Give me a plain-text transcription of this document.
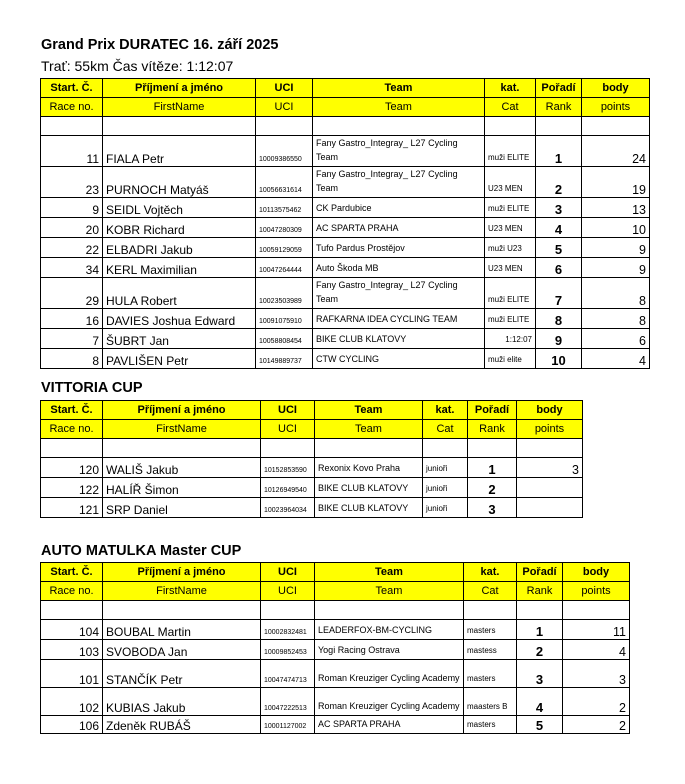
Grand Prix DURATEC 16. září 2025
Trať: 55km Čas vítěze: 1:12:07
Start. Č.	Příjmení a jméno	UCI	Team	kat.	Pořadí	body
Race no.	FirstName	UCI	Team	Cat	Rank	points

11	FIALA Petr	10009386550	Fany Gastro_Integray_ L27 Cycling Team	muži ELITE	1	24
23	PURNOCH Matyáš	10056631614	Fany Gastro_Integray_ L27 Cycling Team	U23 MEN	2	19
9	SEIDL Vojtěch	10113575462	CK Pardubice	muži ELITE	3	13
20	KOBR Richard	10047280309	AC SPARTA PRAHA	U23 MEN	4	10
22	ELBADRI Jakub	10059129059	Tufo Pardus Prostějov	muži U23	5	9
34	KERL Maximilian	10047264444	Auto Škoda MB	U23 MEN	6	9
29	HULA Robert	10023503989	Fany Gastro_Integray_ L27 Cycling Team	muži ELITE	7	8
16	DAVIES Joshua Edward	10091075910	RAFKARNA IDEA CYCLING TEAM	muži ELITE	8	8
7	ŠUBRT Jan	10058808454	BIKE CLUB KLATOVY	1:12:07	9	6
8	PAVLIŠEN Petr	10149889737	CTW CYCLING	muži elite	10	4
VITTORIA CUP
Start. Č.	Příjmení a jméno	UCI	Team	kat.	Pořadí	body
Race no.	FirstName	UCI	Team	Cat	Rank	points

120	WALIŠ Jakub	10152853590	Rexonix Kovo Praha	junioři	1	3
122	HALÍŘ Šimon	10126949540	BIKE CLUB KLATOVY	junioři	2	
121	SRP Daniel	10023964034	BIKE CLUB KLATOVY	junioři	3	
AUTO MATULKA Master CUP
Start. Č.	Příjmení a jméno	UCI	Team	kat.	Pořadí	body
Race no.	FirstName	UCI	Team	Cat	Rank	points

104	BOUBAL Martin	10002832481	LEADERFOX-BM-CYCLING	masters	1	11
103	SVOBODA Jan	10009852453	Yogi Racing Ostrava	mastess	2	4
101	STANČÍK Petr	10047474713	Roman Kreuziger Cycling Academy	masters	3	3
102	KUBIAS Jakub	10047222513	Roman Kreuziger Cycling Academy	maasters B	4	2
106	Zdeněk RUBÁŠ	10001127002	AC SPARTA PRAHA	masters	5	2
